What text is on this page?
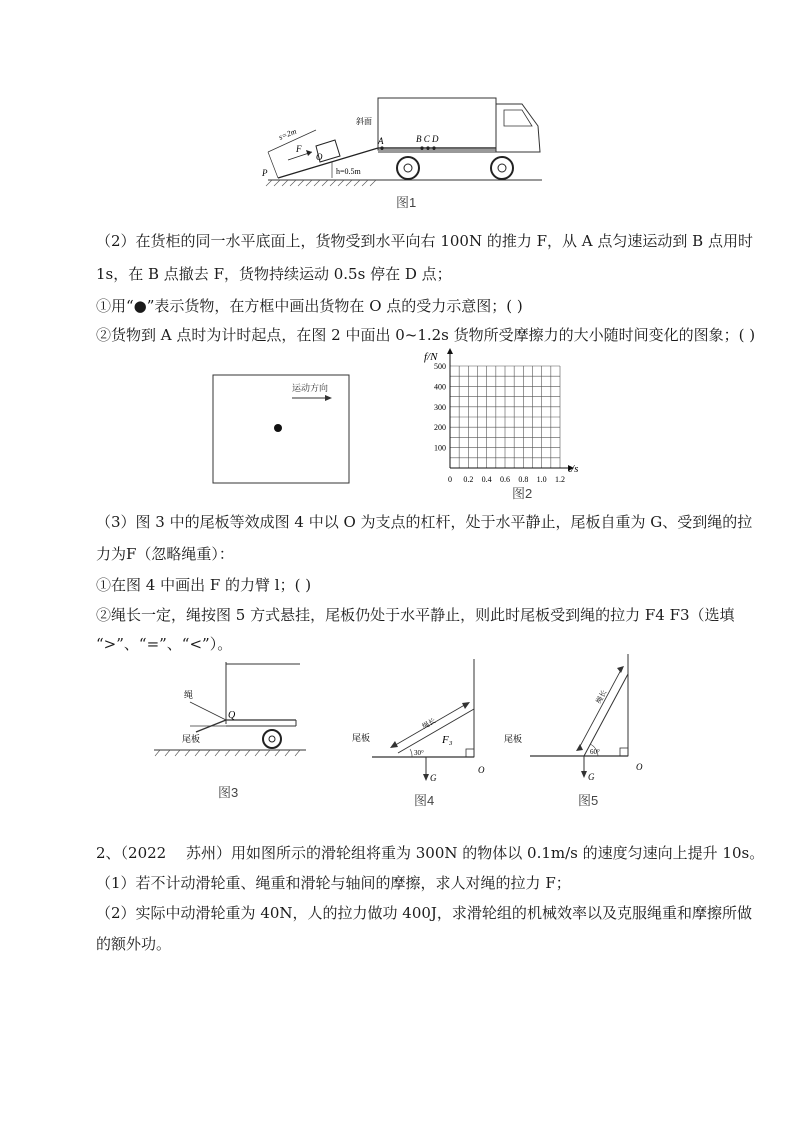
s=2m
F
O
P
斜面
A	B C D
h=0.5m
图1
（2）在货柜的同一水平底面上，货物受到水平向右 100N 的推力 F，从 A 点匀速运动到 B 点用时
1s，在 B 点撤去 F，货物持续运动 0.5s 停在 D 点；
①用“●”表示货物，在方框中画出货物在 O 点的受力示意图；( )
②货物到 A 点时为计时起点，在图 2 中面出 0~1.2s 货物所受摩擦力的大小随时间变化的图象；( )
运动方向
f/N
t/s
500
400
300
200
100
0 0.2 0.4 0.6 0.8 1.0 1.2
图2
（3）图 3 中的尾板等效成图 4 中以 O 为支点的杠杆，处于水平静止，尾板自重为 G、受到绳的拉
力为F（忽略绳重）：
①在图 4 中画出 F 的力臂 l；( )
②绳长一定，绳按图 5 方式悬挂，尾板仍处于水平静止，则此时尾板受到绳的拉力 F4 F3（选填
“>”、“=”、“<”）。
绳
Q
尾板
图3
尾板
绳长
F₃
30°
G
O
图4
尾板
绳长
60°
G
O
图5
2、（2022　 苏州）用如图所示的滑轮组将重为 300N 的物体以 0.1m/s 的速度匀速向上提升 10s。
（1）若不计动滑轮重、绳重和滑轮与轴间的摩擦，求人对绳的拉力 F；
（2）实际中动滑轮重为 40N，人的拉力做功 400J，求滑轮组的机械效率以及克服绳重和摩擦所做
的额外功。
